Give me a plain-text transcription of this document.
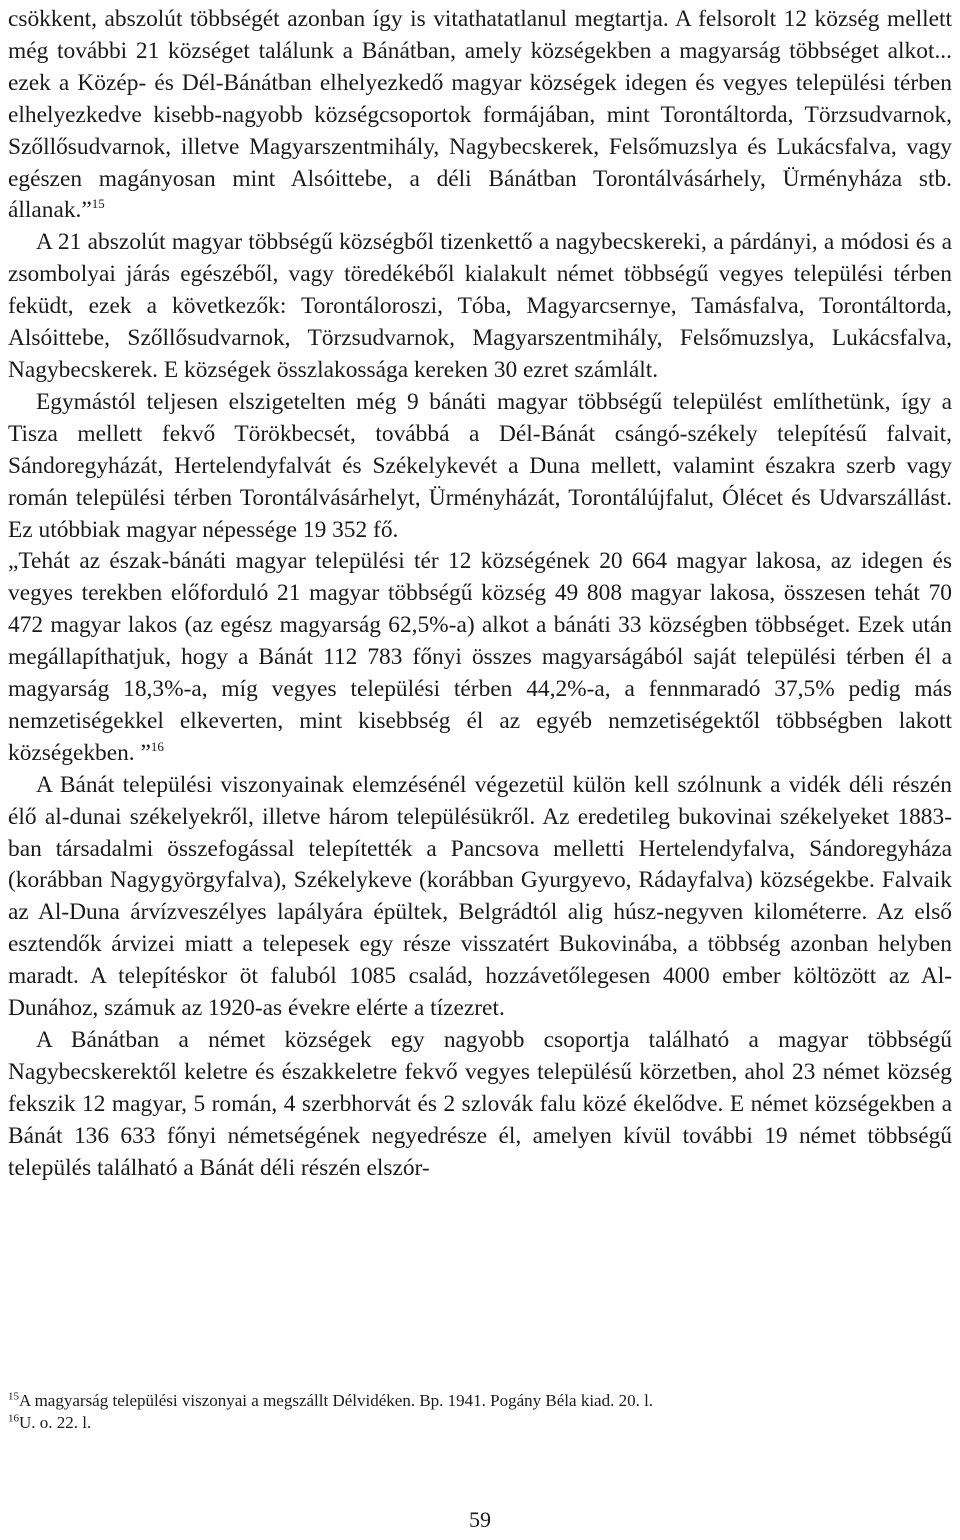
csökkent, abszolút többségét azonban így is vitathatatlanul megtartja. A felsorolt 12 község mellett még további 21 községet találunk a Bánátban, amely községekben a magyarság többséget alkot... ezek a Közép- és Dél-Bánátban elhelyezkedő magyar községek idegen és vegyes települési térben elhelyezkedve kisebb-nagyobb községcsoportok formájában, mint Torontáltorda, Törzsudvarnok, Szőllősudvarnok, illetve Magyarszentmihály, Nagybecskerek, Felsőmuzslya és Lukácsfalva, vagy egészen magányosan mint Alsóittebe, a déli Bánátban Torontálvásárhely, Ürményháza stb. állanak.”$^{15}$

A 21 abszolút magyar többségű községből tizenkettő a nagybecskereki, a párdányi, a módosi és a zsombolyai járás egészéből, vagy töredékéből kialakult német többségű vegyes települési térben feküdt, ezek a következők: Torontáloroszi, Tóba, Magyarcsernye, Tamásfalva, Torontáltorda, Alsóittebe, Szőllősudvarnok, Törzsudvarnok, Magyarszentmihály, Felsőmuzslya, Lukácsfalva, Nagybecskerek. E községek összlakossága kereken 30 ezret számlált.

Egymástól teljesen elszigetelten még 9 bánáti magyar többségű települést említhetünk, így a Tisza mellett fekvő Törökbecsét, továbbá a Dél-Bánát csángó-székely telepítésű falvait, Sándoregyházát, Hertelendyfalvát és Székelykevét a Duna mellett, valamint északra szerb vagy román települési térben Torontálvásárhelyt, Ürményházát, Torontálújfalut, Ólécet és Udvarszállást. Ez utóbbiak magyar népessége 19 352 fő.

„Tehát az észak-bánáti magyar települési tér 12 községének 20 664 magyar lakosa, az idegen és vegyes terekben előforduló 21 magyar többségű község 49 808 magyar lakosa, összesen tehát 70 472 magyar lakos (az egész magyarság 62,5%-a) alkot a bánáti 33 községben többséget. Ezek után megállapíthatjuk, hogy a Bánát 112 783 főnyi összes magyarságából saját települési térben él a magyarság 18,3%-a, míg vegyes települési térben 44,2%-a, a fennmaradó 37,5% pedig más nemzetiségekkel elkeverten, mint kisebbség él az egyéb nemzetiségektől többségben lakott községekben. ”$^{16}$

A Bánát települési viszonyainak elemzésénél végezetül külön kell szólnunk a vidék déli részén élő al-dunai székelyekről, illetve három településükről. Az eredetileg bukovinai székelyeket 1883-ban társadalmi összefogással telepítették a Pancsova melletti Hertelendyfalva, Sándoregyháza (korábban Nagygyörgyfalva), Székelykeve (korábban Gyurgyevo, Rádayfalva) községekbe. Falvaik az Al-Duna árvízveszélyes lapályára épültek, Belgrádtól alig húsz-negyven kilométerre. Az első esztendők árvizei miatt a telepesek egy része visszatért Bukovinába, a többség azonban helyben maradt. A telepítéskor öt faluból 1085 család, hozzávetőlegesen 4000 ember költözött az Al-Dunához, számuk az 1920-as évekre elérte a tízezret.

A Bánátban a német községek egy nagyobb csoportja található a magyar többségű Nagybecskerektől keletre és északkeletre fekvő vegyes településű körzetben, ahol 23 német község fekszik 12 magyar, 5 román, 4 szerbhorvát és 2 szlovák falu közé ékelődve. E német községekben a Bánát 136 633 főnyi németségének negyedrésze él, amelyen kívül további 19 német többségű település található a Bánát déli részén elszór-

$^{15}$A magyarság települési viszonyai a megszállt Délvidéken. Bp. 1941. Pogány Béla kiad. 20. l.

$^{16}$U. o. 22. l.

59
